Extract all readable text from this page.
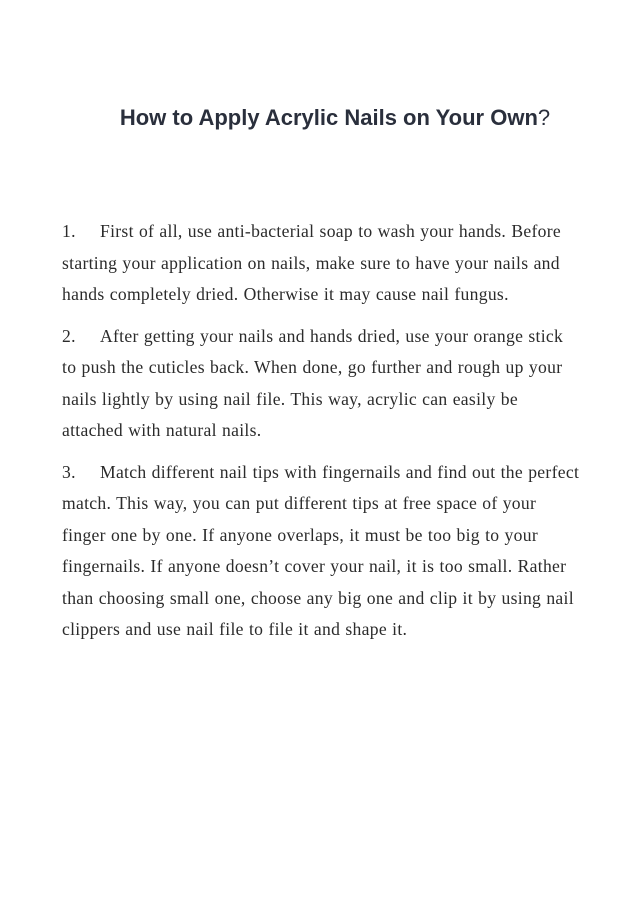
How to Apply Acrylic Nails on Your Own?

1. First of all, use anti-bacterial soap to wash your hands. Before starting your application on nails, make sure to have your nails and hands completely dried. Otherwise it may cause nail fungus.

2. After getting your nails and hands dried, use your orange stick to push the cuticles back. When done, go further and rough up your nails lightly by using nail file. This way, acrylic can easily be attached with natural nails.

3. Match different nail tips with fingernails and find out the perfect match. This way, you can put different tips at free space of your finger one by one. If anyone overlaps, it must be too big to your fingernails. If anyone doesn’t cover your nail, it is too small. Rather than choosing small one, choose any big one and clip it by using nail clippers and use nail file to file it and shape it.
